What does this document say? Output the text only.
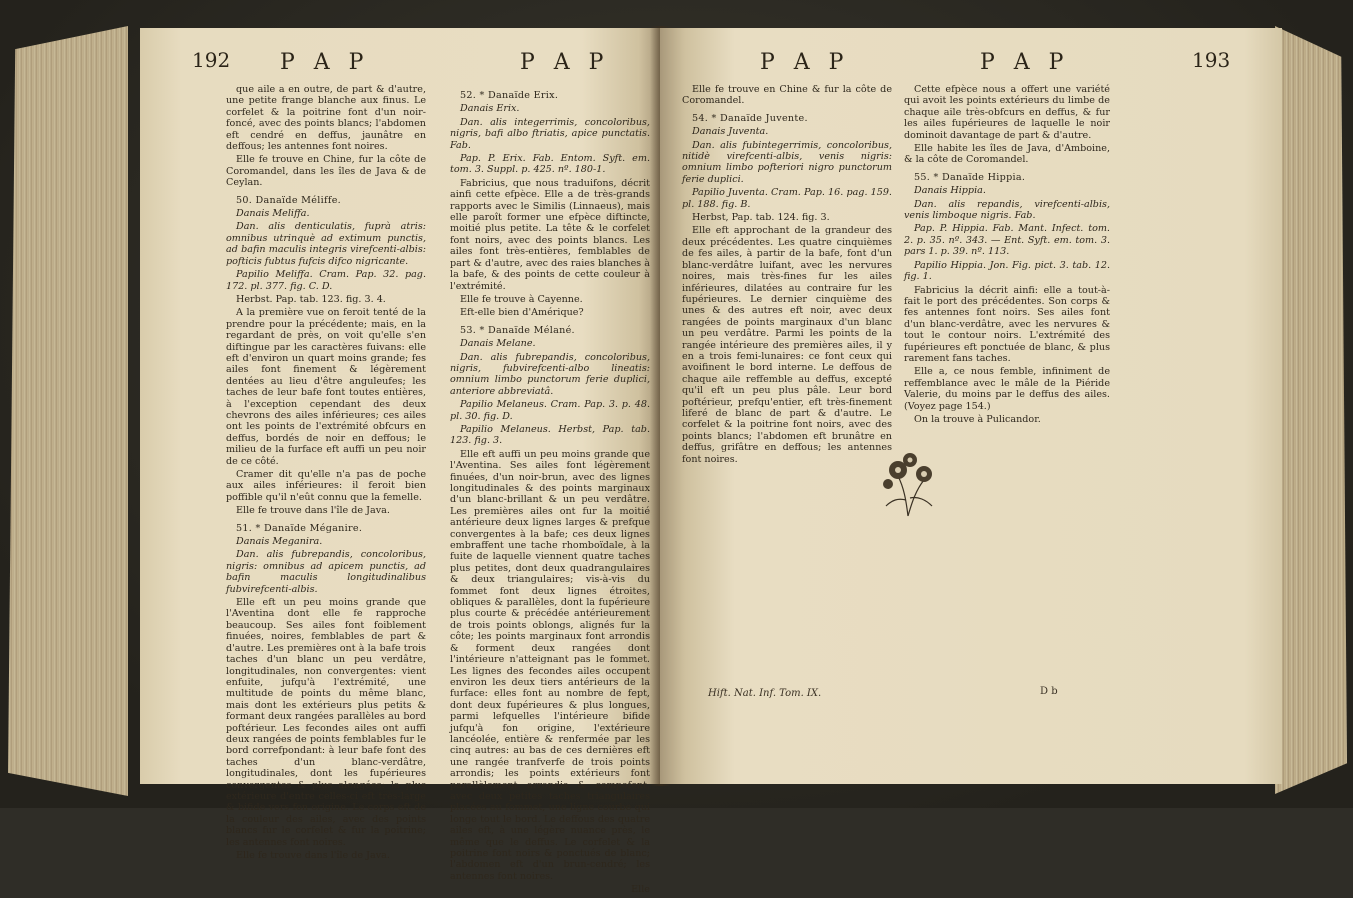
192 P A P	P A P

que aile a en outre, de part & d'autre, une petite frange blanche aux finus. Le corfelet & la poitrine font d'un noir-foncé, avec des points blancs; l'abdomen eft cendré en deffus, jaunâtre en deffous; les antennes font noires.

Elle fe trouve en Chine, fur la côte de Coromandel, dans les îles de Java & de Ceylan.

50. Danaïde Méliffe.

Danais Meliffa.

Dan. alis denticulatis, fuprà atris: omnibus utrinquè ad extimum punctis, ad bafin maculis integris virefcenti-albis: pofticis fubtus fufcis difco nigricante.

Papilio Meliffa. Cram. Pap. 32. pag. 172. pl. 377. fig. C. D.

Herbst. Pap. tab. 123. fig. 3. 4.

A la première vue on feroit tenté de la prendre pour la précédente; mais, en la regardant de près, on voit qu'elle s'en diftingue par les caractères fuivans: elle eft d'environ un quart moins grande; fes ailes font finement & légèrement dentées au lieu d'être anguleufes; les taches de leur bafe font toutes entières, à l'exception cependant des deux chevrons des ailes inférieures; ces ailes ont les points de l'extrémité obfcurs en deffus, bordés de noir en deffous; le milieu de la furface eft auffi un peu noir de ce côté.

Cramer dit qu'elle n'a pas de poche aux ailes inférieures: il feroit bien poffible qu'il n'eût connu que la femelle.

Elle fe trouve dans l'île de Java.

51. * Danaïde Méganire.

Danais Meganira.

Dan. alis fubrepandis, concoloribus, nigris: omnibus ad apicem punctis, ad bafin maculis longitudinalibus fubvirefcenti-albis.

Elle eft un peu moins grande que l'Aventina dont elle fe rapproche beaucoup. Ses ailes font foiblement finuées, noires, femblables de part & d'autre. Les premières ont à la bafe trois taches d'un blanc un peu verdâtre, longitudinales, non convergentes: vient enfuite, jufqu'à l'extrémité, une multitude de points du même blanc, mais dont les extérieurs plus petits & formant deux rangées parallèles au bord poftérieur. Les fecondes ailes ont auffi deux rangées de points femblables fur le bord correfpondant: à leur bafe font des taches d'un blanc-verdâtre, longitudinales, dont les fupérieures convergentes & plus alongées: la plus extérieure d'entre celles-ci eft très-large & bifide vers fon origine. Le corps eft de la couleur des ailes, avec des points blancs fur le corfelet & fur la poitrine; les antennes font noires.

Elle fe trouve dans l'île de Java.

52. * Danaïde Erix.

Danais Erix.

Dan. alis integerrimis, concoloribus, nigris, bafi albo ftriatis, apice punctatis. Fab.

Pap. P. Erix. Fab. Entom. Syft. em. tom. 3. Suppl. p. 425. nº. 180-1.

Fabricius, que nous traduifons, décrit ainfi cette efpèce. Elle a de très-grands rapports avec le Similis (Linnaeus), mais elle paroît former une efpèce diftincte, moitié plus petite. La tête & le corfelet font noirs, avec des points blancs. Les ailes font très-entières, femblables de part & d'autre, avec des raies blanches à la bafe, & des points de cette couleur à l'extrémité.

Elle fe trouve à Cayenne.

Eft-elle bien d'Amérique?

53. * Danaïde Mélané.

Danais Melane.

Dan. alis fubrepandis, concoloribus, nigris, fubvirefcenti-albo lineatis: omnium limbo punctorum ferie duplici, anteriore abbreviatâ.

Papilio Melaneus. Cram. Pap. 3. p. 48. pl. 30. fig. D.

Papilio Melaneus. Herbst, Pap. tab. 123. fig. 3.

Elle eft auffi un peu moins grande que l'Aventina. Ses ailes font légèrement finuées, d'un noir-brun, avec des lignes longitudinales & des points marginaux d'un blanc-brillant & un peu verdâtre. Les premières ailes ont fur la moitié antérieure deux lignes larges & prefque convergentes à la bafe; ces deux lignes embraffent une tache rhomboïdale, à la fuite de laquelle viennent quatre taches plus petites, dont deux quadrangulaires & deux triangulaires; vis-à-vis du fommet font deux lignes étroites, obliques & parallèles, dont la fupérieure plus courte & précédée antérieurement de trois points oblongs, alignés fur la côte; les points marginaux font arrondis & forment deux rangées dont l'intérieure n'atteignant pas le fommet. Les lignes des fecondes ailes occupent environ les deux tiers antérieurs de la furface: elles font au nombre de fept, dont deux fupérieures & plus longues, parmi lefquelles l'intérieure bifide jufqu'à fon origine, l'extérieure lancéolée, entière & renfermée par les cinq autres: au bas de ces dernières eft une rangée tranfverfe de trois points arrondis; les points extérieurs font parallèlement arrondis & compofent, avec deux petites taches triangulaires placées au fommet, une ligne courbe qui longe tout le bord. Le deffous des quatre ailes eft, à une légère nuance près, le même que le deffus. Le corfelet & la poitrine font noirs & ponctués de blanc; l'abdomen eft d'un brun-cendré; les antennes font noires.

Elle

P A P	P A P	193

Elle fe trouve en Chine & fur la côte de Coromandel.

54. * Danaïde Juvente.

Danais Juventa.

Dan. alis fubintegerrimis, concoloribus, nitidè virefcenti-albis, venis nigris: omnium limbo pofteriori nigro punctorum ferie duplici.

Papilio Juventa. Cram. Pap. 16. pag. 159. pl. 188. fig. B.

Herbst, Pap. tab. 124. fig. 3.

Elle eft approchant de la grandeur des deux précédentes. Les quatre cinquièmes de fes ailes, à partir de la bafe, font d'un blanc-verdâtre luifant, avec les nervures noires, mais très-fines fur les ailes inférieures, dilatées au contraire fur les fupérieures. Le dernier cinquième des unes & des autres eft noir, avec deux rangées de points marginaux d'un blanc un peu verdâtre. Parmi les points de la rangée intérieure des premières ailes, il y en a trois femi-lunaires: ce font ceux qui avoifinent le bord interne. Le deffous de chaque aile reffemble au deffus, excepté qu'il eft un peu plus pâle. Leur bord poftérieur, prefqu'entier, eft très-finement liferé de blanc de part & d'autre. Le corfelet & la poitrine font noirs, avec des points blancs; l'abdomen eft brunâtre en deffus, grifâtre en deffous; les antennes font noires.

Cette efpèce nous a offert une variété qui avoit les points extérieurs du limbe de chaque aile très-obfcurs en deffus, & fur les ailes fupérieures de laquelle le noir dominoit davantage de part & d'autre.

Elle habite les îles de Java, d'Amboine, & la côte de Coromandel.

55. * Danaïde Hippia.

Danais Hippia.

Dan. alis repandis, virefcenti-albis, venis limboque nigris. Fab.

Pap. P. Hippia. Fab. Mant. Infect. tom. 2. p. 35. nº. 343. — Ent. Syft. em. tom. 3. pars 1. p. 39. nº. 113.

Papilio Hippia. Jon. Fig. pict. 3. tab. 12. fig. 1.

Fabricius la décrit ainfi: elle a tout-à-fait le port des précédentes. Son corps & fes antennes font noirs. Ses ailes font d'un blanc-verdâtre, avec les nervures & tout le contour noirs. L'extrémité des fupérieures eft ponctuée de blanc, & plus rarement fans taches.

Elle a, ce nous femble, infiniment de reffemblance avec le mâle de la Piéride Valerie, du moins par le deffus des ailes. (Voyez page 154.)

On la trouve à Pulicandor.

Hift. Nat. Inf. Tom. IX.	D b
